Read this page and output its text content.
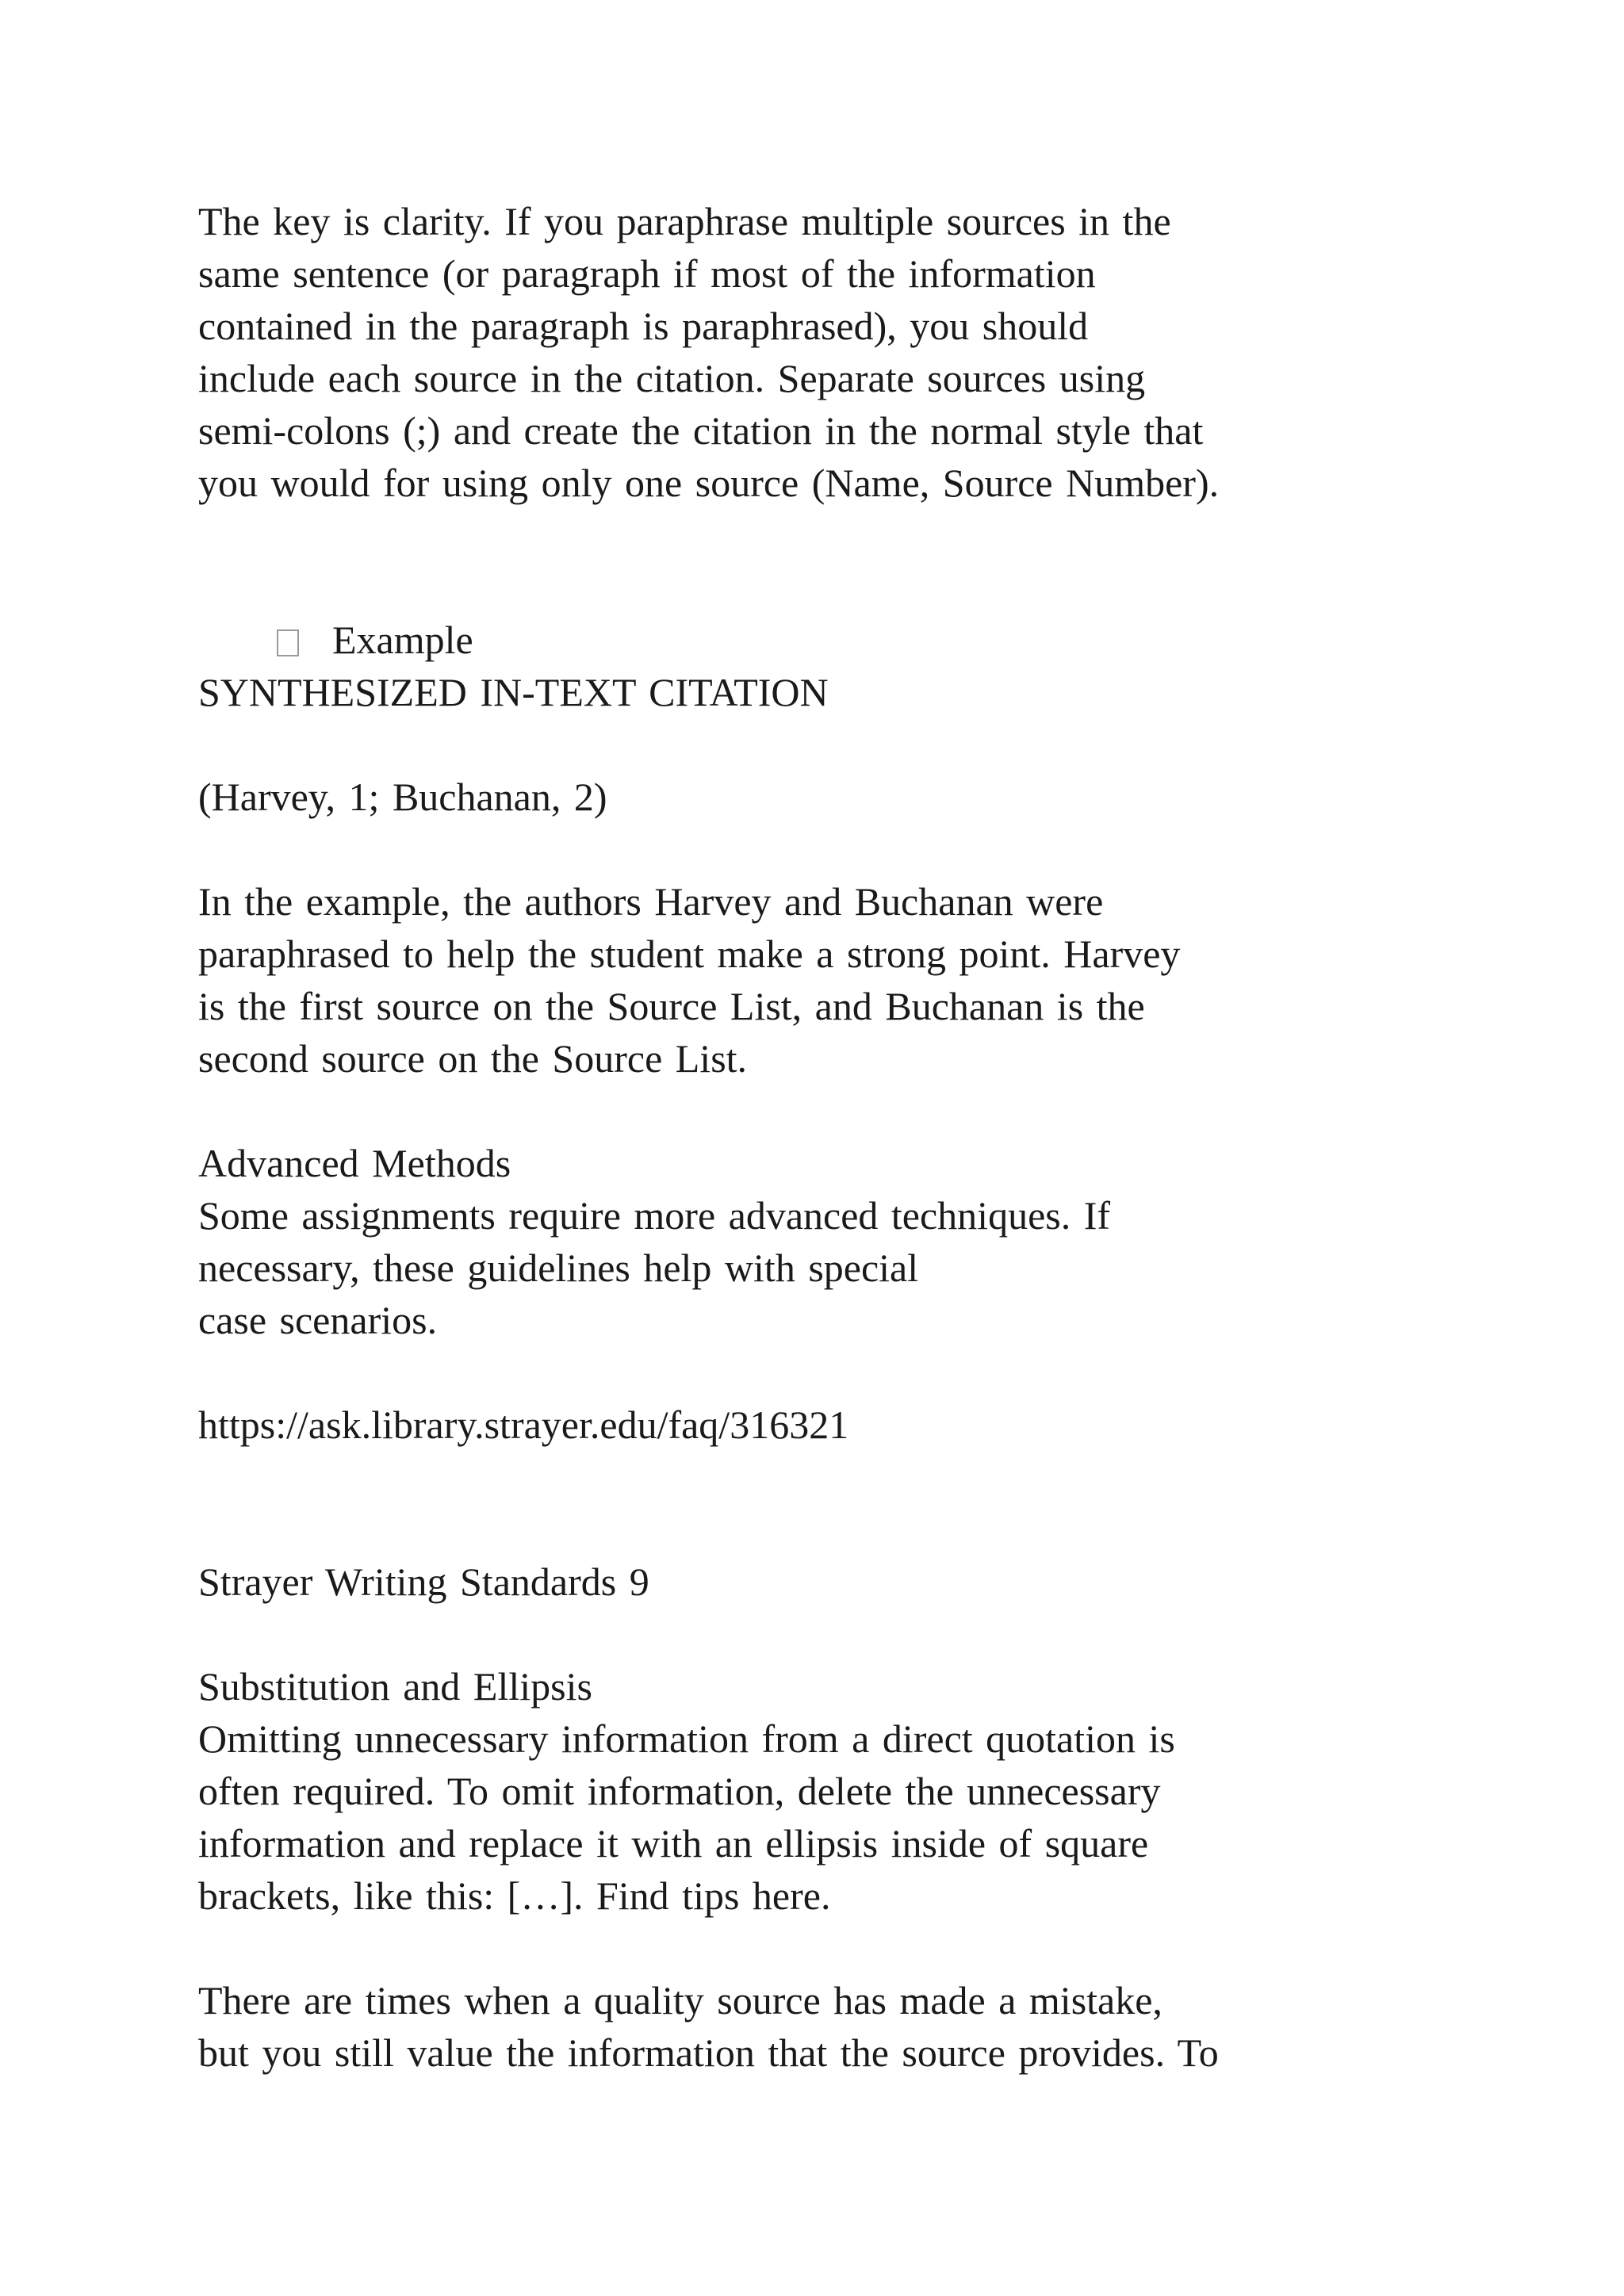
The key is clarity. If you paraphrase multiple sources in the
same sentence (or paragraph if most of the information
contained in the paragraph is paraphrased), you should
include each source in the citation. Separate sources using
semi-colons (;) and create the citation in the normal style that
you would for using only one source (Name, Source Number).

Example

SYNTHESIZED IN-TEXT CITATION
(Harvey, 1; Buchanan, 2)
In the example, the authors Harvey and Buchanan were
paraphrased to help the student make a strong point. Harvey
is the first source on the Source List, and Buchanan is the
second source on the Source List.
Advanced Methods
Some assignments require more advanced techniques. If
necessary, these guidelines help with special
case scenarios.
https://ask.library.strayer.edu/faq/316321
Strayer Writing Standards 9
Substitution and Ellipsis
Omitting unnecessary information from a direct quotation is
often required. To omit information, delete the unnecessary
information and replace it with an ellipsis inside of square
brackets, like this: […]. Find tips here.
There are times when a quality source has made a mistake,
but you still value the information that the source provides. To
